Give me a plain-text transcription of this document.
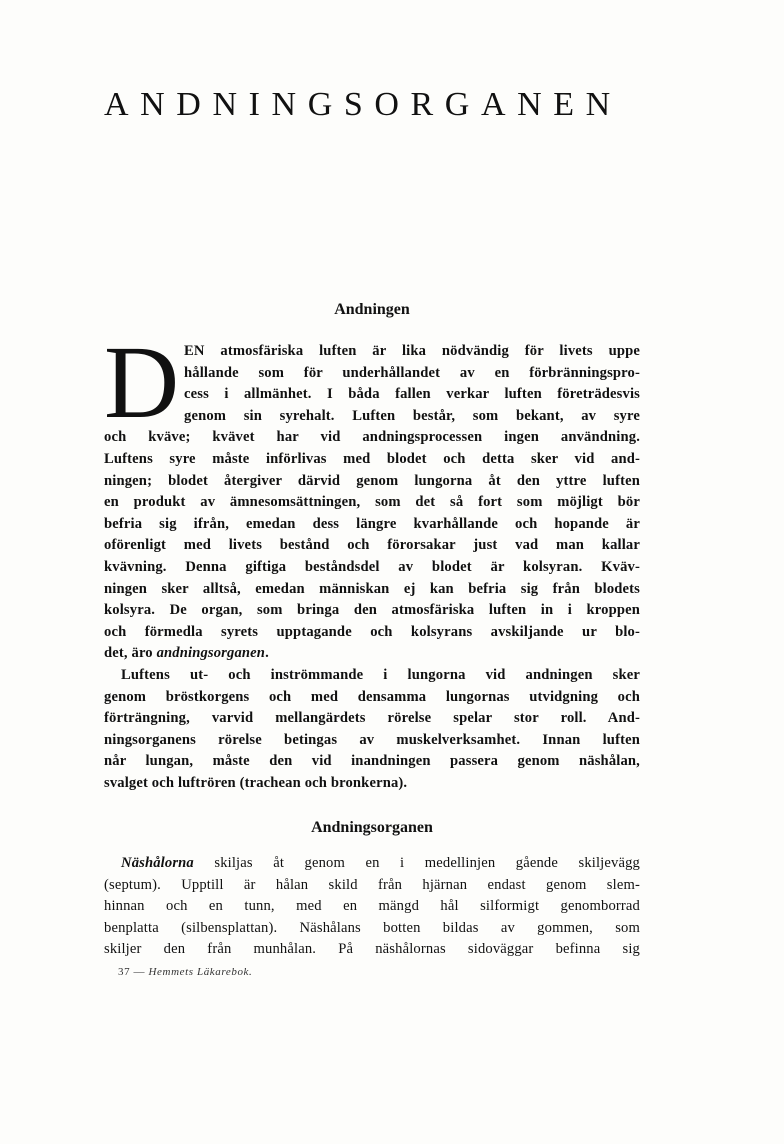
ANDNINGSORGANEN
Andningen
D EN atmosfäriska luften är lika nödvändig för livets uppe
hållande som för underhållandet av en förbränningspro-
cess i allmänhet. I båda fallen verkar luften företrädesvis
genom sin syrehalt. Luften består, som bekant, av syre
och kväve; kvävet har vid andningsprocessen ingen användning.
Luftens syre måste införlivas med blodet och detta sker vid and-
ningen; blodet återgiver därvid genom lungorna åt den yttre luften
en produkt av ämnesomsättningen, som det så fort som möjligt bör
befria sig ifrån, emedan dess längre kvarhållande och hopande är
oförenligt med livets bestånd och förorsakar just vad man kallar
kvävning. Denna giftiga beståndsdel av blodet är kolsyran. Kväv-
ningen sker alltså, emedan människan ej kan befria sig från blodets
kolsyra. De organ, som bringa den atmosfäriska luften in i kroppen
och förmedla syrets upptagande och kolsyrans avskiljande ur blo-
det, äro andningsorganen.
Luftens ut- och inströmmande i lungorna vid andningen sker
genom bröstkorgens och med densamma lungornas utvidgning och
förträngning, varvid mellangärdets rörelse spelar stor roll. And-
ningsorganens rörelse betingas av muskelverksamhet. Innan luften
når lungan, måste den vid inandningen passera genom näshålan,
svalget och luftrören (trachean och bronkerna).
Andningsorganen
Näshålorna skiljas åt genom en i medellinjen gående skiljevägg
(septum). Upptill är hålan skild från hjärnan endast genom slem-
hinnan och en tunn, med en mängd hål silformigt genomborrad
benplatta (silbensplattan). Näshålans botten bildas av gommen, som
skiljer den från munhålan. På näshålornas sidoväggar befinna sig
37 — Hemmets Läkarebok.
